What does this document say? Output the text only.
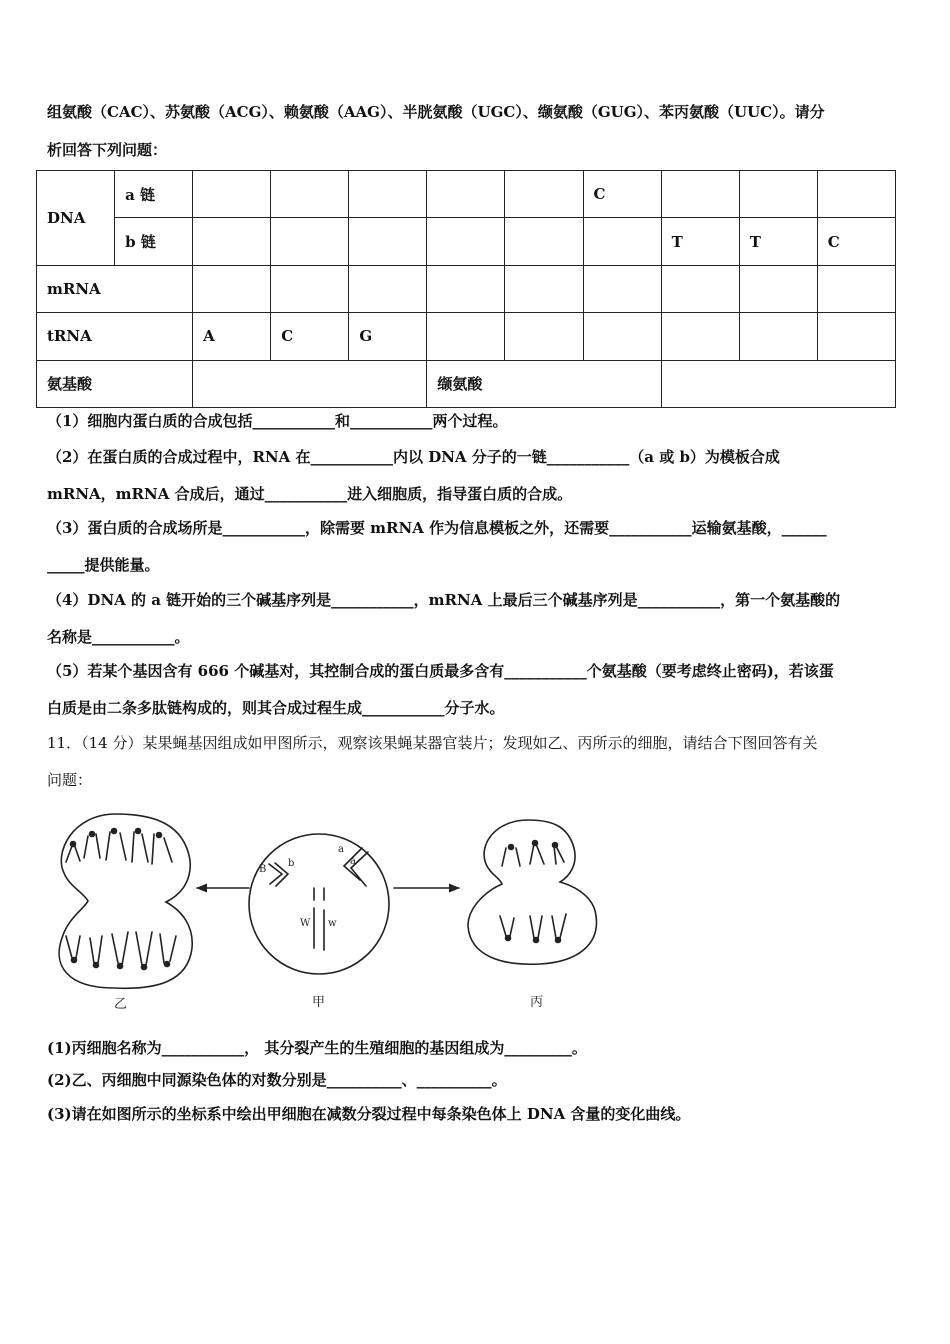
组氨酸（CAC）、苏氨酸（ACG）、赖氨酸（AAG）、半胱氨酸（UGC）、缬氨酸（GUG）、苯丙氨酸（UUC）。请分
析回答下列问题：
DNA	a 链						C			
	b 链							T	T	C
mRNA										
tRNA		A	C	G						
氨基酸					缬氨酸					
（1）细胞内蛋白质的合成包括___________和___________两个过程。
（2）在蛋白质的合成过程中，RNA 在___________内以 DNA 分子的一链___________（a 或 b）为模板合成
mRNA，mRNA 合成后，通过___________进入细胞质，指导蛋白质的合成。
（3）蛋白质的合成场所是___________，除需要 mRNA 作为信息模板之外，还需要___________运输氨基酸，______
_____提供能量。
（4）DNA 的 a 链开始的三个碱基序列是___________，mRNA 上最后三个碱基序列是___________，第一个氨基酸的
名称是___________。
（5）若某个基因含有 666 个碱基对，其控制合成的蛋白质最多含有___________个氨基酸（要考虑终止密码)，若该蛋
白质是由二条多肽链构成的，则其合成过程生成___________分子水。
11．（14 分）某果蝇基因组成如甲图所示，观察该果蝇某器官装片；发现如乙、丙所示的细胞，请结合下图回答有关
问题：
B
b
a
a
W w
乙	甲	丙
(1)丙细胞名称为___________， 其分裂产生的生殖细胞的基因组成为_________。
(2)乙、丙细胞中同源染色体的对数分别是__________、__________。
(3)请在如图所示的坐标系中绘出甲细胞在减数分裂过程中每条染色体上 DNA 含量的变化曲线。
